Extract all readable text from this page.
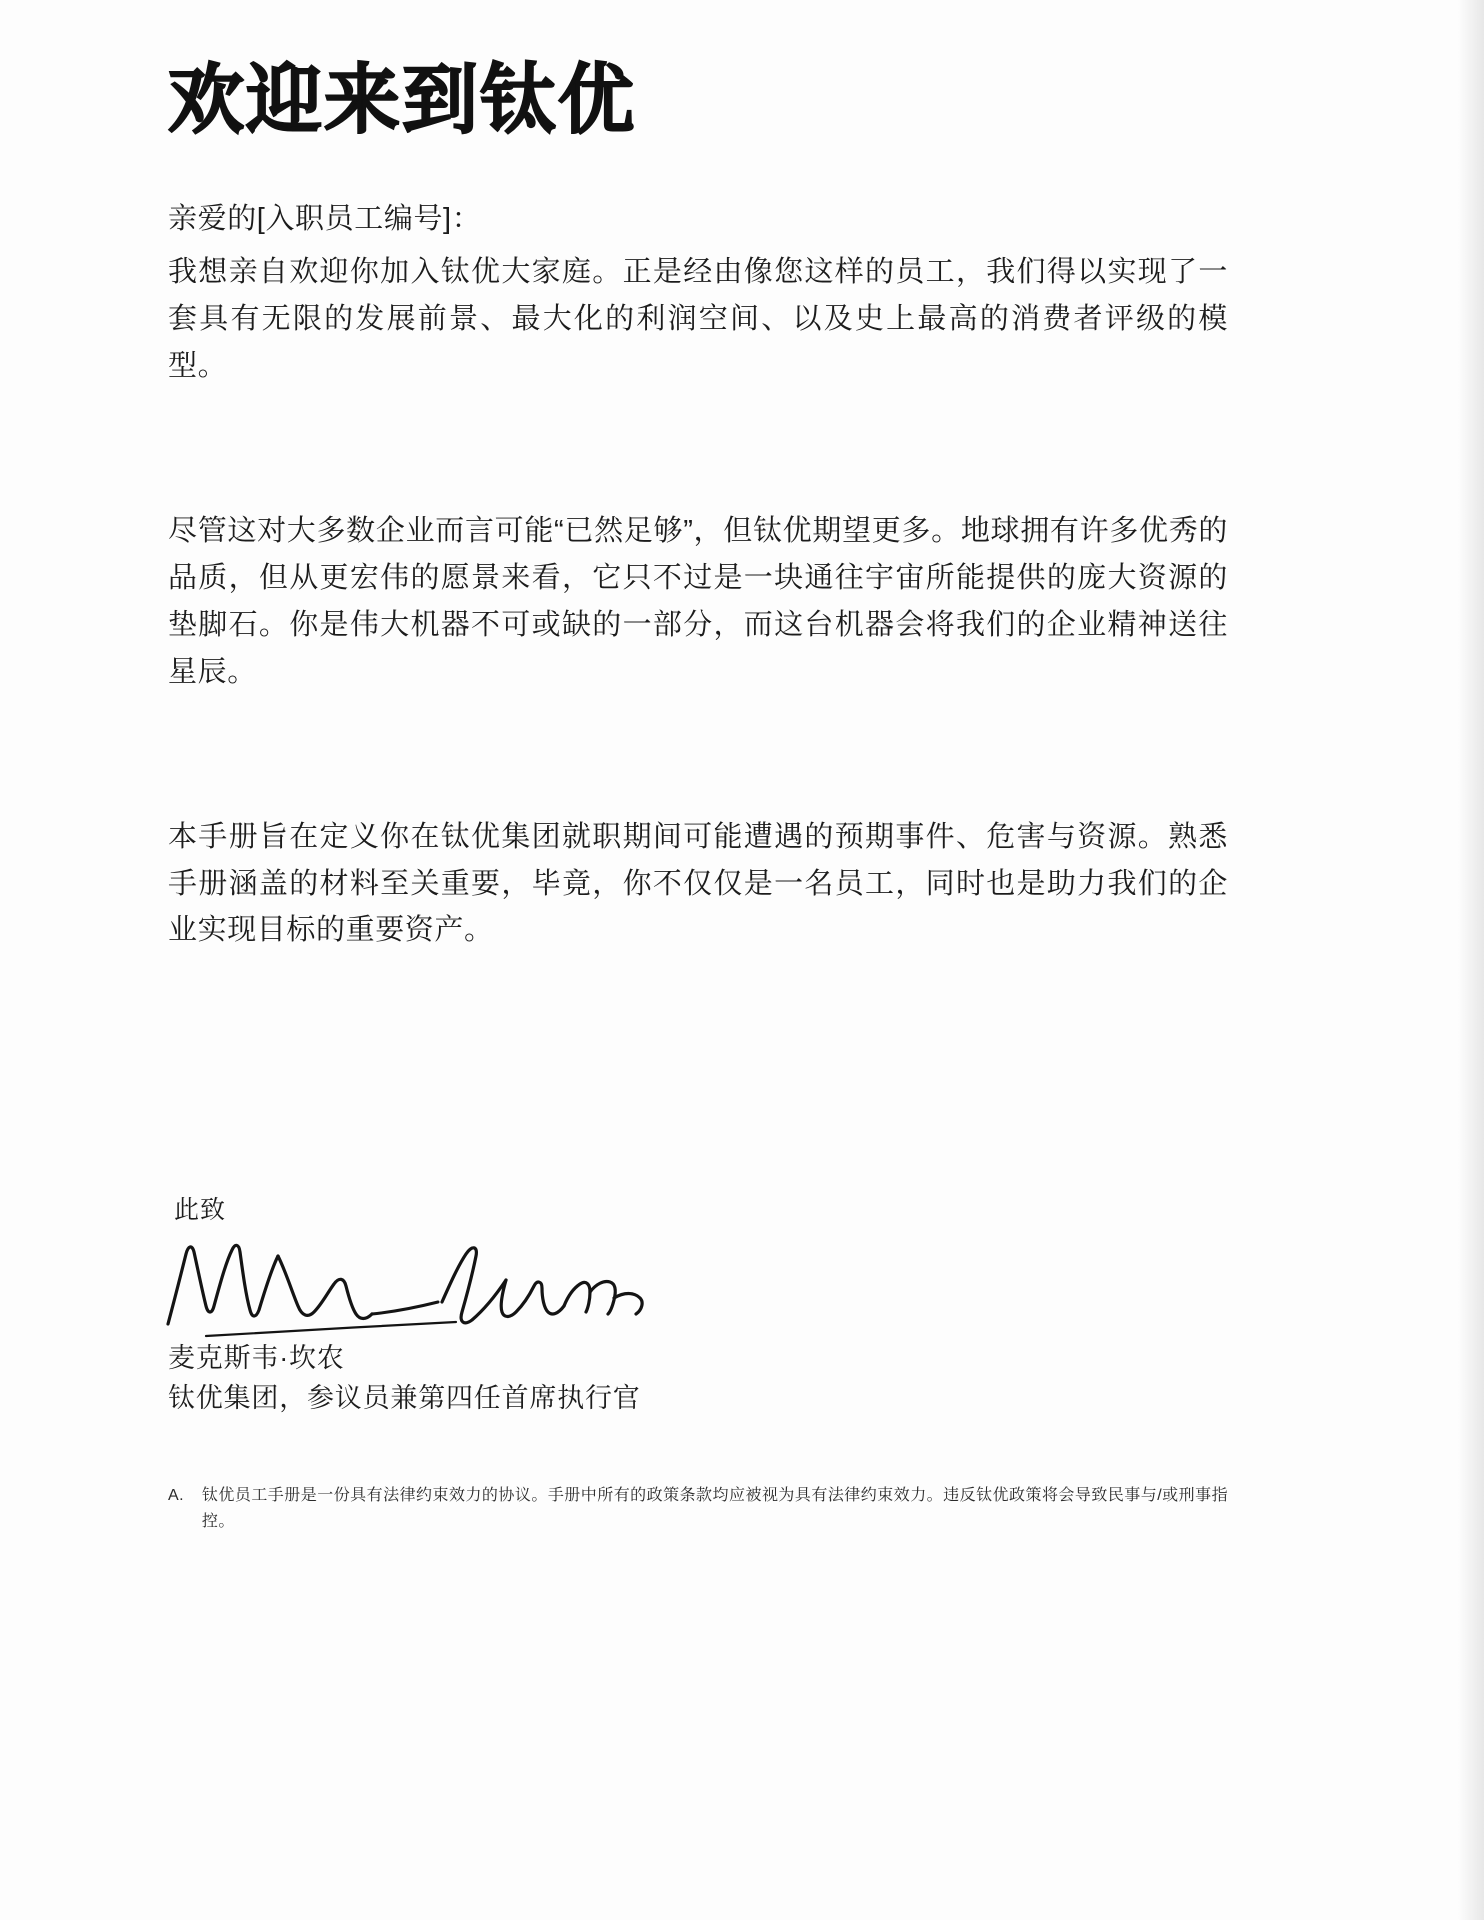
欢迎来到钛优

亲爱的[入职员工编号]：

我想亲自欢迎你加入钛优大家庭。正是经由像您这样的员工，我们得以实现了一套具有无限的发展前景、最大化的利润空间、以及史上最高的消费者评级的模型。

尽管这对大多数企业而言可能“已然足够”，但钛优期望更多。地球拥有许多优秀的品质，但从更宏伟的愿景来看，它只不过是一块通往宇宙所能提供的庞大资源的垫脚石。你是伟大机器不可或缺的一部分，而这台机器会将我们的企业精神送往星辰。

本手册旨在定义你在钛优集团就职期间可能遭遇的预期事件、危害与资源。熟悉手册涵盖的材料至关重要，毕竟，你不仅仅是一名员工，同时也是助力我们的企业实现目标的重要资产。

此致

麦克斯韦·坎农

钛优集团，参议员兼第四任首席执行官

A. 钛优员工手册是一份具有法律约束效力的协议。手册中所有的政策条款均应被视为具有法律约束效力。违反钛优政策将会导致民事与/或刑事指控。
